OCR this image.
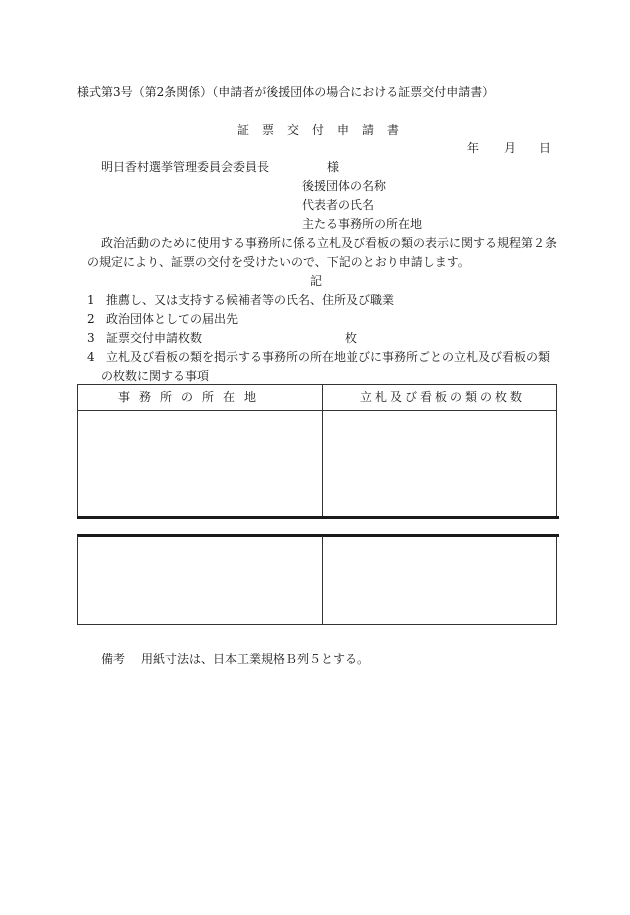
様式第3号（第2条関係）（申請者が後援団体の場合における証票交付申請書）
証票交付申請書
年 月 日
明日香村選挙管理委員会委員長	様
後援団体の名称
代表者の氏名
主たる事務所の所在地
政治活動のために使用する事務所に係る立札及び看板の類の表示に関する規程第２条
の規定により、証票の交付を受けたいので、下記のとおり申請します。
記
1 推薦し、又は支持する候補者等の氏名、住所及び職業
2 政治団体としての届出先
3 証票交付申請枚数	枚
4 立札及び看板の類を掲示する事務所の所在地並びに事務所ごとの立札及び看板の類
の枚数に関する事項
事務所の所在地	立札及び看板の類の枚数
備考 用紙寸法は、日本工業規格Ｂ列５とする。
